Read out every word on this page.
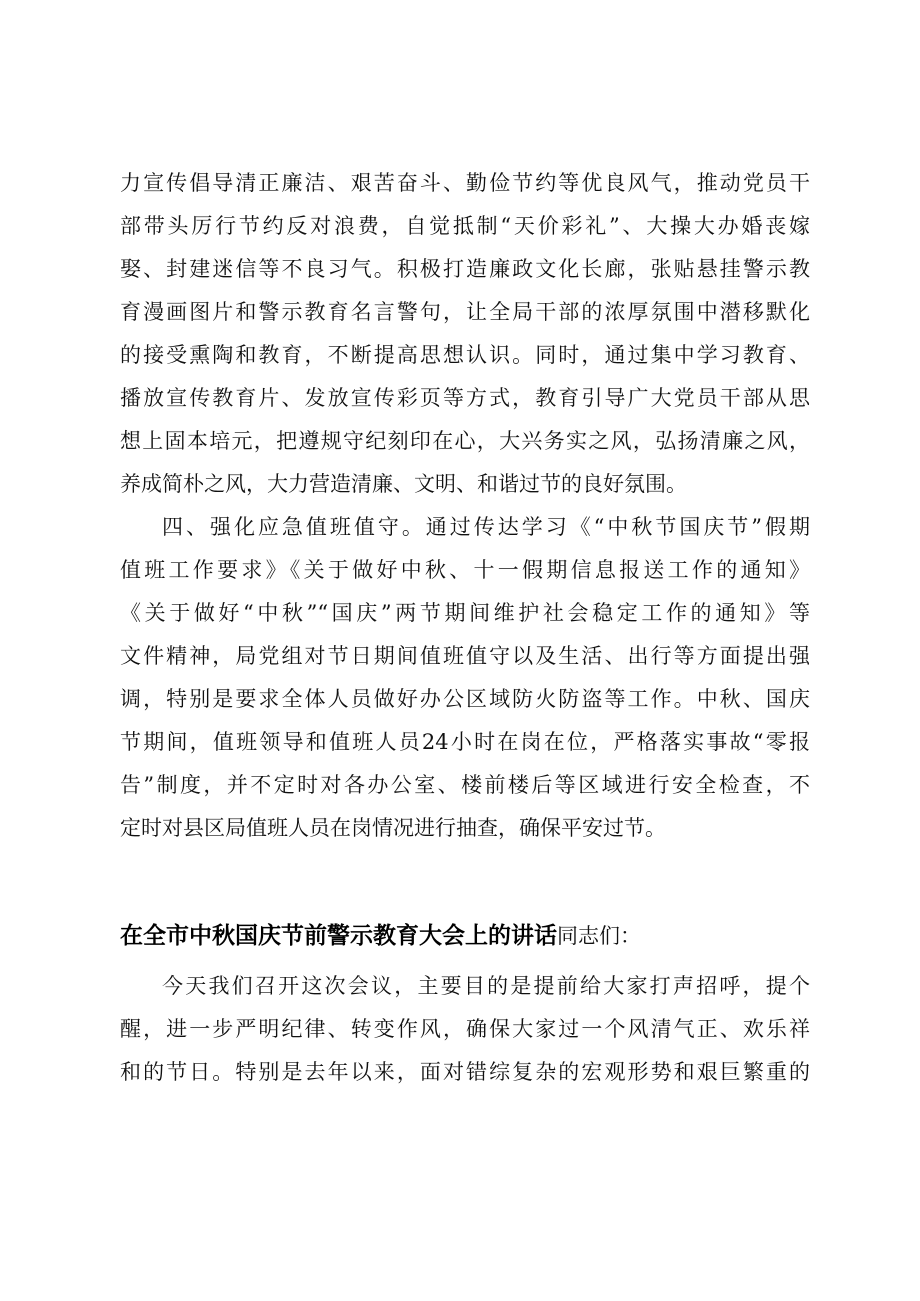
力宣传倡导清正廉洁、艰苦奋斗、勤俭节约等优良风气，推动党员干
部带头厉行节约反对浪费，自觉抵制“天价彩礼”、大操大办婚丧嫁
娶、封建迷信等不良习气。积极打造廉政文化长廊，张贴悬挂警示教
育漫画图片和警示教育名言警句，让全局干部的浓厚氛围中潜移默化
的接受熏陶和教育，不断提高思想认识。同时，通过集中学习教育、
播放宣传教育片、发放宣传彩页等方式，教育引导广大党员干部从思
想上固本培元，把遵规守纪刻印在心，大兴务实之风，弘扬清廉之风，
养成简朴之风，大力营造清廉、文明、和谐过节的良好氛围。
四、强化应急值班值守。通过传达学习《“中秋节国庆节”假期
值班工作要求》《关于做好中秋、十一假期信息报送工作的通知》
《关于做好“中秋”“国庆”两节期间维护社会稳定工作的通知》等
文件精神，局党组对节日期间值班值守以及生活、出行等方面提出强
调，特别是要求全体人员做好办公区域防火防盗等工作。中秋、国庆
节期间，值班领导和值班人员24小时在岗在位，严格落实事故“零报
告”制度，并不定时对各办公室、楼前楼后等区域进行安全检查，不
定时对县区局值班人员在岗情况进行抽查，确保平安过节。
在全市中秋国庆节前警示教育大会上的讲话同志们：
今天我们召开这次会议，主要目的是提前给大家打声招呼，提个
醒，进一步严明纪律、转变作风，确保大家过一个风清气正、欢乐祥
和的节日。特别是去年以来，面对错综复杂的宏观形势和艰巨繁重的
